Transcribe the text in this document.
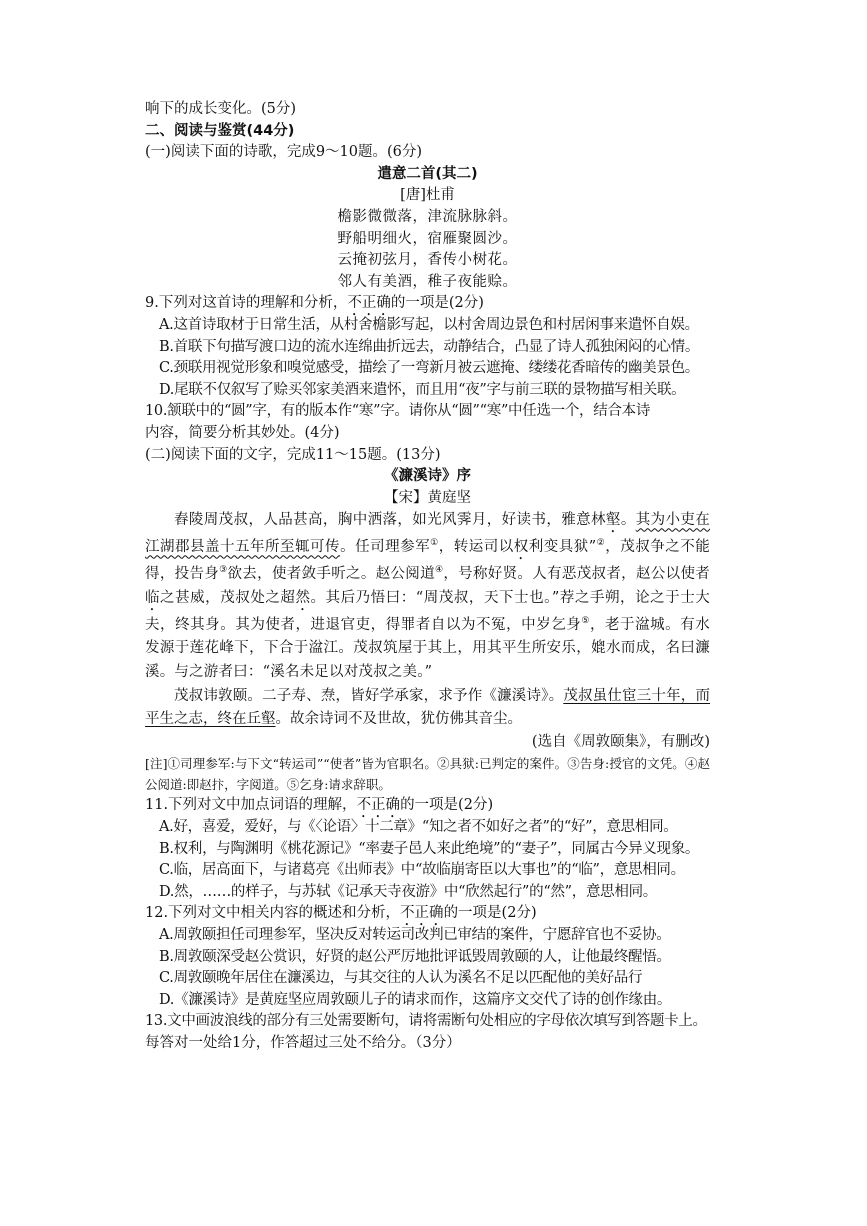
响下的成长变化。(5分)
二、阅读与鉴赏(44分)
(一)阅读下面的诗歌，完成9～10题。(6分)
遣意二首(其二)
[唐]杜甫
檐影微微落，津流脉脉斜。
野船明细火，宿雁聚圆沙。
云掩初弦月，香传小树花。
邻人有美酒，稚子夜能赊。
9.下列对这首诗的理解和分析，不正确的一项是(2分)
A.这首诗取材于日常生活，从村舍檐影写起，以村舍周边景色和村居闲事来遣怀自娱。
B.首联下句描写渡口边的流水连绵曲折远去，动静结合，凸显了诗人孤独闲闷的心情。
C.颈联用视觉形象和嗅觉感受，描绘了一弯新月被云遮掩、缕缕花香暗传的幽美景色。
D.尾联不仅叙写了赊买邻家美酒来遣怀，而且用“夜”字与前三联的景物描写相关联。
10.颔联中的“圆”字，有的版本作“寒”字。请你从“圆”“寒”中任选一个，结合本诗
内容，简要分析其妙处。(4分)
(二)阅读下面的文字，完成11～15题。(13分)
《濂溪诗》序
【宋】黄庭坚

舂陵周茂叔，人品甚高，胸中洒落，如光风霁月，好读书，雅意林壑。其为小吏在江湖郡县盖十五年所至辄可传。任司理参军①，转运司以权利变具狱”②，茂叔争之不能得，投告身③欲去，使者敛手听之。赵公阅道④，号称好贤。人有恶茂叔者，赵公以使者临之甚威，茂叔处之超然。其后乃悟曰：“周茂叔，天下士也。”荐之手朔，论之于士大夫，终其身。其为使者，进退官吏，得罪者自以为不冤，中岁乞身⑤，老于湓城。有水发源于莲花峰下，下合于湓江。茂叔筑屋于其上，用其平生所安乐，媲水而成，名曰濂溪。与之游者曰：“溪名未足以对茂叔之美。”

茂叔讳敦颐。二子寿、焘，皆好学承家，求予作《濂溪诗》。茂叔虽仕宦三十年，而平生之志，终在丘壑。故余诗词不及世故，犹仿佛其音尘。

(选自《周敦颐集》，有删改)
[注]①司理参军:与下文“转运司”“使者”皆为官职名。②具狱:已判定的案件。③告身:授官的文凭。④赵公阅道:即赵抃，字阅道。⑤乞身:请求辞职。
11.下列对文中加点词语的理解，不正确的一项是(2分)
A.好，喜爱，爱好，与《〈论语〉十二章》“知之者不如好之者”的“好”，意思相同。
B.权利，与陶渊明《桃花源记》“率妻子邑人来此绝境”的“妻子”，同属古今异义现象。
C.临，居高面下，与诸葛亮《出师表》中“故临崩寄臣以大事也”的“临”，意思相同。
D.然，……的样子，与苏轼《记承天寺夜游》中“欣然起行”的“然”，意思相同。
12.下列对文中相关内容的概述和分析，不正确的一项是(2分)
A.周敦颐担任司理参军，坚决反对转运司改判已审结的案件，宁愿辞官也不妥协。
B.周敦颐深受赵公赏识，好贤的赵公严厉地批评诋毁周敦颐的人，让他最终醒悟。
C.周敦颐晚年居住在濂溪边，与其交往的人认为溪名不足以匹配他的美好品行
D.《濂溪诗》是黄庭坚应周敦颐儿子的请求而作，这篇序文交代了诗的创作缘由。
13.文中画波浪线的部分有三处需要断句，请将需断句处相应的字母依次填写到答题卡上。
每答对一处给1分，作答超过三处不给分。（3分）
